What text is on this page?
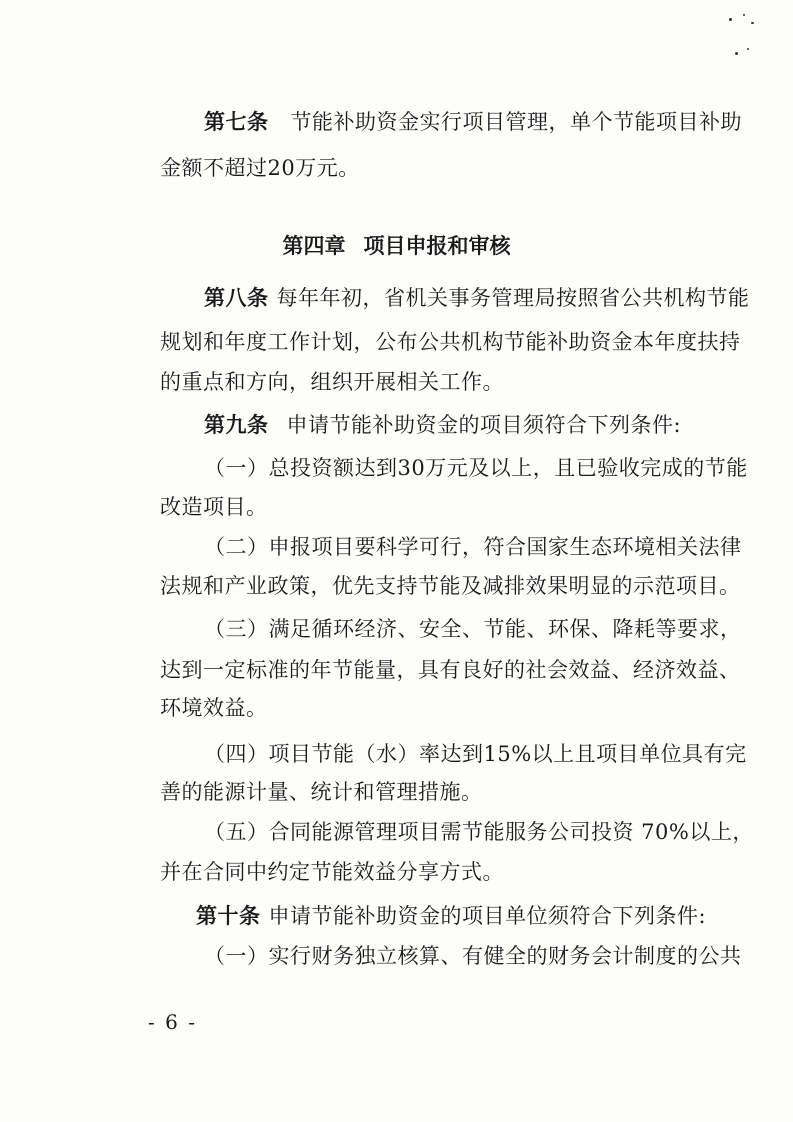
第七条 节能补助资金实行项目管理，单个节能项目补助
金额不超过20万元。
第四章 项目申报和审核
第八条 每年年初，省机关事务管理局按照省公共机构节能
规划和年度工作计划，公布公共机构节能补助资金本年度扶持
的重点和方向，组织开展相关工作。
第九条 申请节能补助资金的项目须符合下列条件:
（一）总投资额达到30万元及以上，且已验收完成的节能
改造项目。
（二）申报项目要科学可行，符合国家生态环境相关法律
法规和产业政策，优先支持节能及减排效果明显的示范项目。
（三）满足循环经济、安全、节能、环保、降耗等要求，
达到一定标准的年节能量，具有良好的社会效益、经济效益、
环境效益。
（四）项目节能（水）率达到15%以上且项目单位具有完
善的能源计量、统计和管理措施。
（五）合同能源管理项目需节能服务公司投资 70%以上，
并在合同中约定节能效益分享方式。
第十条 申请节能补助资金的项目单位须符合下列条件:
（一）实行财务独立核算、有健全的财务会计制度的公共
- 6 -
